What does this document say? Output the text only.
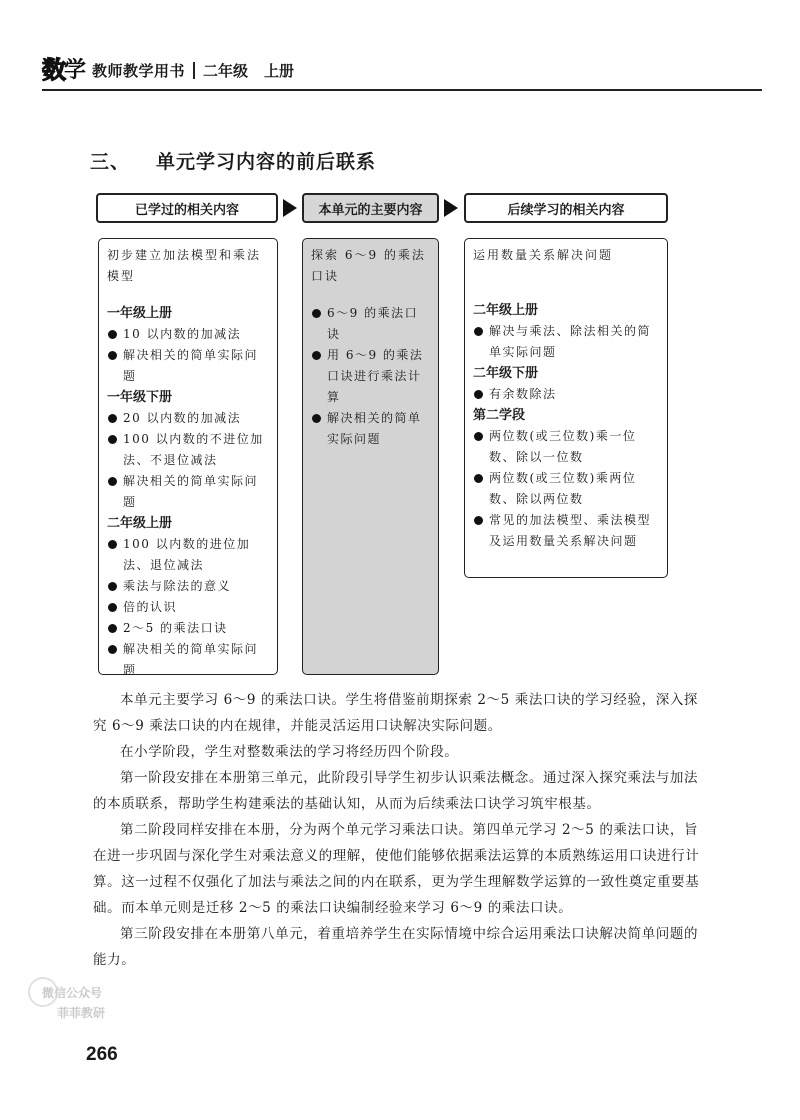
数
学 教师教学用书 二年级 上册
三、 单元学习内容的前后联系
已学过的相关内容	本单元的主要内容	后续学习的相关内容
初步建立加法模型和乘法模型
一年级上册
10 以内数的加减法
解决相关的简单实际问题
一年级下册
20 以内数的加减法
100 以内数的不进位加法、不退位减法
解决相关的简单实际问题
二年级上册
100 以内数的进位加法、退位减法
乘法与除法的意义
倍的认识
2～5 的乘法口诀
解决相关的简单实际问题
探索 6～9 的乘法口诀
6～9 的乘法口诀
用 6～9 的乘法口诀进行乘法计算
解决相关的简单实际问题
运用数量关系解决问题
二年级上册
解决与乘法、除法相关的简单实际问题
二年级下册
有余数除法
第二学段
两位数(或三位数)乘一位数、除以一位数
两位数(或三位数)乘两位数、除以两位数
常见的加法模型、乘法模型及运用数量关系解决问题

本单元主要学习 6～9 的乘法口诀。学生将借鉴前期探索 2～5 乘法口诀的学习经验，深入探究 6～9 乘法口诀的内在规律，并能灵活运用口诀解决实际问题。

在小学阶段，学生对整数乘法的学习将经历四个阶段。

第一阶段安排在本册第三单元，此阶段引导学生初步认识乘法概念。通过深入探究乘法与加法的本质联系，帮助学生构建乘法的基础认知，从而为后续乘法口诀学习筑牢根基。

第二阶段同样安排在本册，分为两个单元学习乘法口诀。第四单元学习 2～5 的乘法口诀，旨在进一步巩固与深化学生对乘法意义的理解，使他们能够依据乘法运算的本质熟练运用口诀进行计算。这一过程不仅强化了加法与乘法之间的内在联系，更为学生理解数学运算的一致性奠定重要基础。而本单元则是迁移 2～5 的乘法口诀编制经验来学习 6～9 的乘法口诀。

第三阶段安排在本册第八单元，着重培养学生在实际情境中综合运用乘法口诀解决简单问题的能力。

微信公众号
菲菲教研
266
